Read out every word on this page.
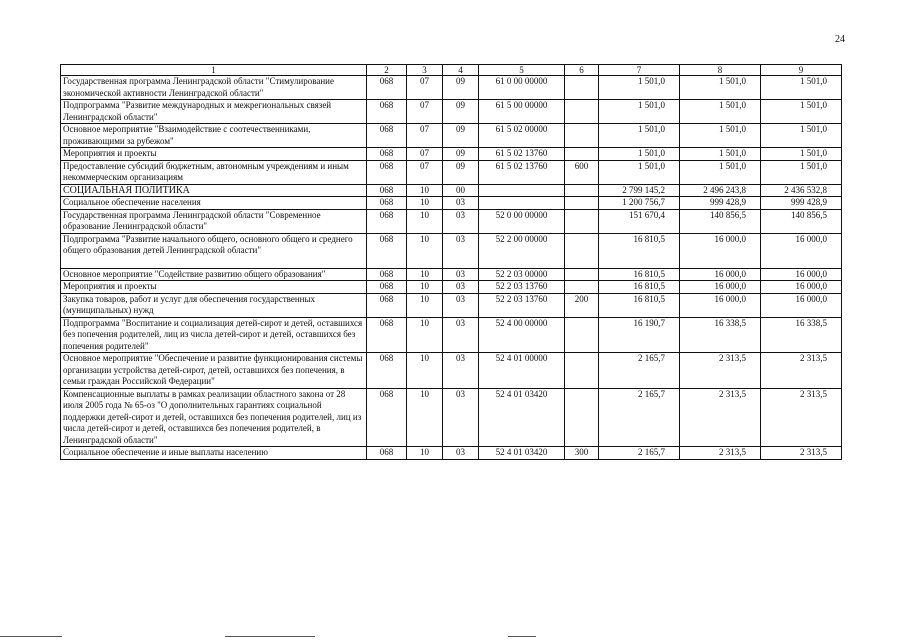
24
1	2	3	4	5	6	7	8	9
Государственная программа Ленинградской области "Стимулирование экономической активности Ленинградской области"	068	07	09	61 0 00 00000		1 501,0	1 501,0	1 501,0
Подпрограмма "Развитие международных и межрегиональных связей Ленинградской области"	068	07	09	61 5 00 00000		1 501,0	1 501,0	1 501,0
Основное мероприятие "Взаимодействие с соотечественниками, проживающими за рубежом"	068	07	09	61 5 02 00000		1 501,0	1 501,0	1 501,0
Мероприятия и проекты	068	07	09	61 5 02 13760		1 501,0	1 501,0	1 501,0
Предоставление субсидий бюджетным, автономным учреждениям и иным некоммерческим организациям	068	07	09	61 5 02 13760	600	1 501,0	1 501,0	1 501,0
СОЦИАЛЬНАЯ ПОЛИТИКА	068	10	00			2 799 145,2	2 496 243,8	2 436 532,8
Социальное обеспечение населения	068	10	03			1 200 756,7	999 428,9	999 428,9
Государственная программа Ленинградской области "Современное образование Ленинградской области"	068	10	03	52 0 00 00000		151 670,4	140 856,5	140 856,5
Подпрограмма "Развитие начального общего, основного общего и среднего общего образования детей Ленинградской области"	068	10	03	52 2 00 00000		16 810,5	16 000,0	16 000,0
Основное мероприятие "Содействие развитию общего образования"	068	10	03	52 2 03 00000		16 810,5	16 000,0	16 000,0
Мероприятия и проекты	068	10	03	52 2 03 13760		16 810,5	16 000,0	16 000,0
Закупка товаров, работ и услуг для обеспечения государственных (муниципальных) нужд	068	10	03	52 2 03 13760	200	16 810,5	16 000,0	16 000,0
Подпрограмма "Воспитание и социализация детей-сирот и детей, оставшихся без попечения родителей, лиц из числа детей-сирот и детей, оставшихся без попечения родителей"	068	10	03	52 4 00 00000		16 190,7	16 338,5	16 338,5
Основное мероприятие "Обеспечение и развитие функционирования системы организации устройства детей-сирот, детей, оставшихся без попечения, в семьи граждан Российской Федерации"	068	10	03	52 4 01 00000		2 165,7	2 313,5	2 313,5
Компенсационные выплаты в рамках реализации областного закона от 28 июля 2005 года № 65-оз "О дополнительных гарантиях социальной поддержки детей-сирот и детей, оставшихся без попечения родителей, лиц из числа детей-сирот и детей, оставшихся без попечения родителей, в Ленинградской области"	068	10	03	52 4 01 03420		2 165,7	2 313,5	2 313,5
Социальное обеспечение и иные выплаты населению	068	10	03	52 4 01 03420	300	2 165,7	2 313,5	2 313,5
